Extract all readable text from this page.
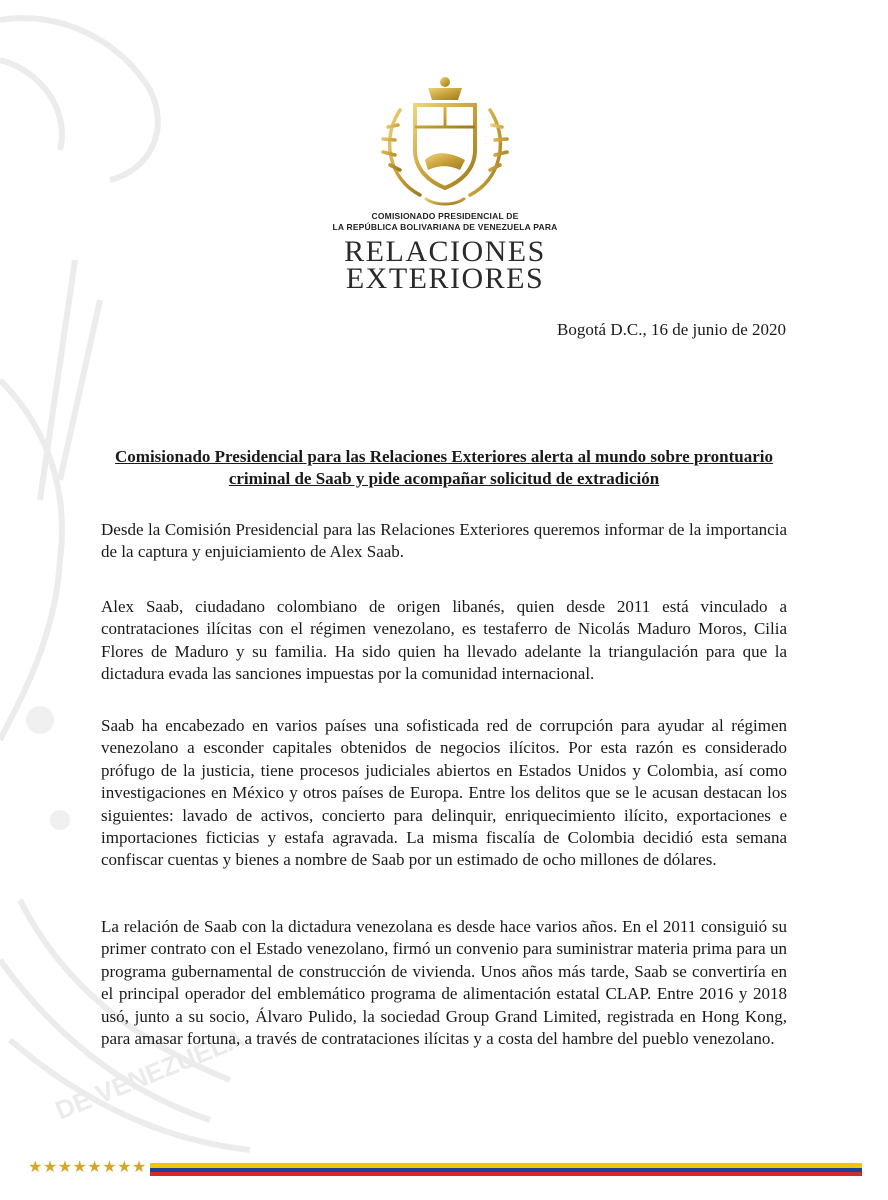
DE VENEZUELA
COMISIONADO PRESIDENCIAL DE
LA REPÚBLICA BOLIVARIANA DE VENEZUELA PARA
RELACIONES
EXTERIORES
Bogotá D.C., 16 de junio de 2020
Comisionado Presidencial para las Relaciones Exteriores alerta al mundo sobre prontuario criminal de Saab y pide acompañar solicitud de extradición
Desde la Comisión Presidencial para las Relaciones Exteriores queremos informar de la importancia de la captura y enjuiciamiento de Alex Saab.
Alex Saab, ciudadano colombiano de origen libanés, quien desde 2011 está vinculado a contrataciones ilícitas con el régimen venezolano, es testaferro de Nicolás Maduro Moros, Cilia Flores de Maduro y su familia. Ha sido quien ha llevado adelante la triangulación para que la dictadura evada las sanciones impuestas por la comunidad internacional.
Saab ha encabezado en varios países una sofisticada red de corrupción para ayudar al régimen venezolano a esconder capitales obtenidos de negocios ilícitos. Por esta razón es considerado prófugo de la justicia, tiene procesos judiciales abiertos en Estados Unidos y Colombia, así como investigaciones en México y otros países de Europa. Entre los delitos que se le acusan destacan los siguientes: lavado de activos, concierto para delinquir, enriquecimiento ilícito, exportaciones e importaciones ficticias y estafa agravada. La misma fiscalía de Colombia decidió esta semana confiscar cuentas y bienes a nombre de Saab por un estimado de ocho millones de dólares.
La relación de Saab con la dictadura venezolana es desde hace varios años. En el 2011 consiguió su primer contrato con el Estado venezolano, firmó un convenio para suministrar materia prima para un programa gubernamental de construcción de vivienda. Unos años más tarde, Saab se convertiría en el principal operador del emblemático programa de alimentación estatal CLAP. Entre 2016 y 2018 usó, junto a su socio, Álvaro Pulido, la sociedad Group Grand Limited, registrada en Hong Kong, para amasar fortuna, a través de contrataciones ilícitas y a costa del hambre del pueblo venezolano.
★★★★★★★★
